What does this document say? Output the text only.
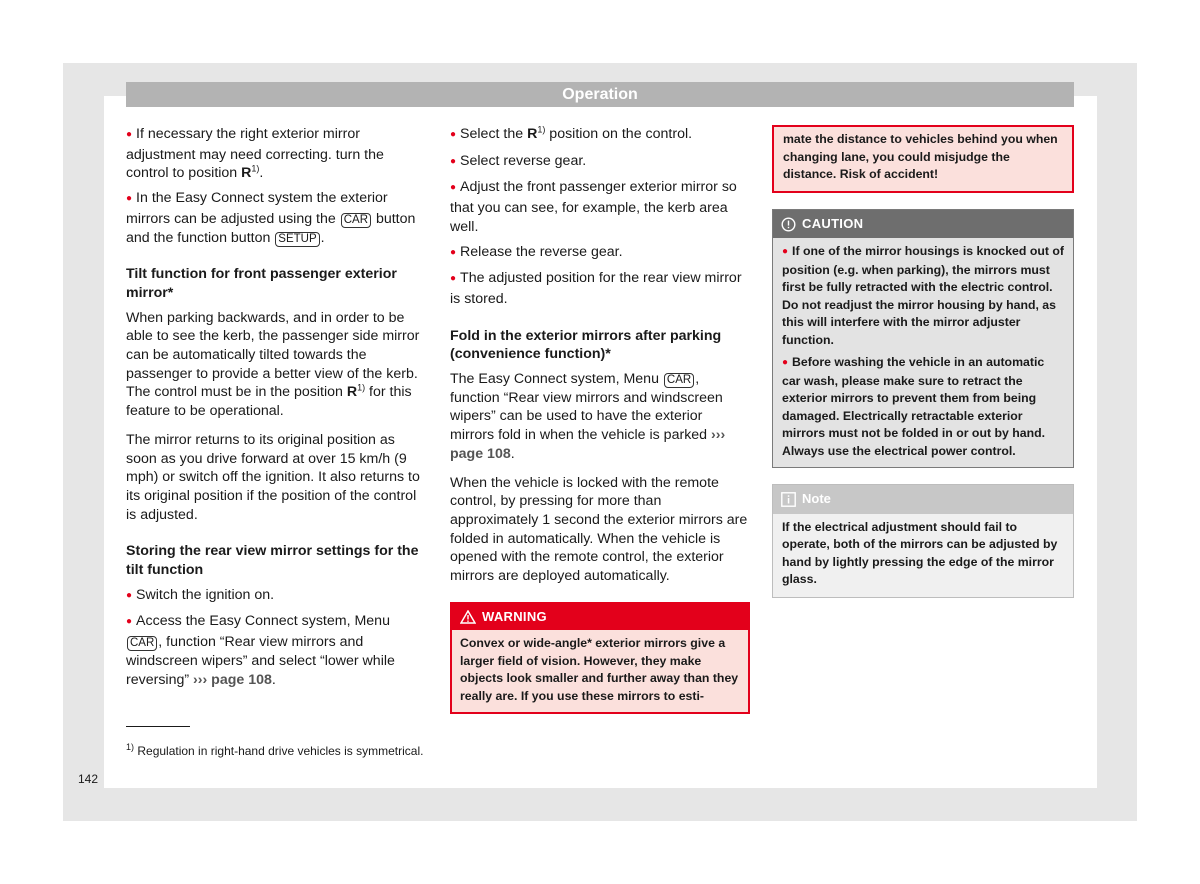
Operation

● If necessary the right exterior mirror adjustment may need correcting. turn the control to position $R^{1)}$.

● In the Easy Connect system the exterior mirrors can be adjusted using the CAR button and the function button SETUP .

Tilt function for front passenger exterior mirror*

When parking backwards, and in order to be able to see the kerb, the passenger side mirror can be automatically tilted towards the passenger to provide a better view of the kerb. The control must be in the position $R^{1)}$ for this feature to be operational.

The mirror returns to its original position as soon as you drive forward at over 15 km/h (9 mph) or switch off the ignition. It also returns to its original position if the position of the control is adjusted.

Storing the rear view mirror settings for the tilt function

● Switch the ignition on.

● Access the Easy Connect system, Menu CAR , function “Rear view mirrors and windscreen wipers” and select “lower while reversing” ››› page 108.

● Select the $R^{1)}$ position on the control.

● Select reverse gear.

● Adjust the front passenger exterior mirror so that you can see, for example, the kerb area well.

● Release the reverse gear.

● The adjusted position for the rear view mirror is stored.

Fold in the exterior mirrors after parking (convenience function)*

The Easy Connect system, Menu CAR , function “Rear view mirrors and windscreen wipers” can be used to have the exterior mirrors fold in when the vehicle is parked ››› page 108.

When the vehicle is locked with the remote control, by pressing for more than approximately 1 second the exterior mirrors are folded in automatically. When the vehicle is opened with the remote control, the exterior mirrors are deployed automatically.

WARNING

Convex or wide-angle* exterior mirrors give a larger field of vision. However, they make objects look smaller and further away than they really are. If you use these mirrors to esti-

mate the distance to vehicles behind you when changing lane, you could misjudge the distance. Risk of accident!

CAUTION

● If one of the mirror housings is knocked out of position (e.g. when parking), the mirrors must first be fully retracted with the electric control. Do not readjust the mirror housing by hand, as this will interfere with the mirror adjuster function.

● Before washing the vehicle in an automatic car wash, please make sure to retract the exterior mirrors to prevent them from being damaged. Electrically retractable exterior mirrors must not be folded in or out by hand. Always use the electrical power control.

Note

If the electrical adjustment should fail to operate, both of the mirrors can be adjusted by hand by lightly pressing the edge of the mirror glass.

$^{1)}$ Regulation in right-hand drive vehicles is symmetrical.
142
